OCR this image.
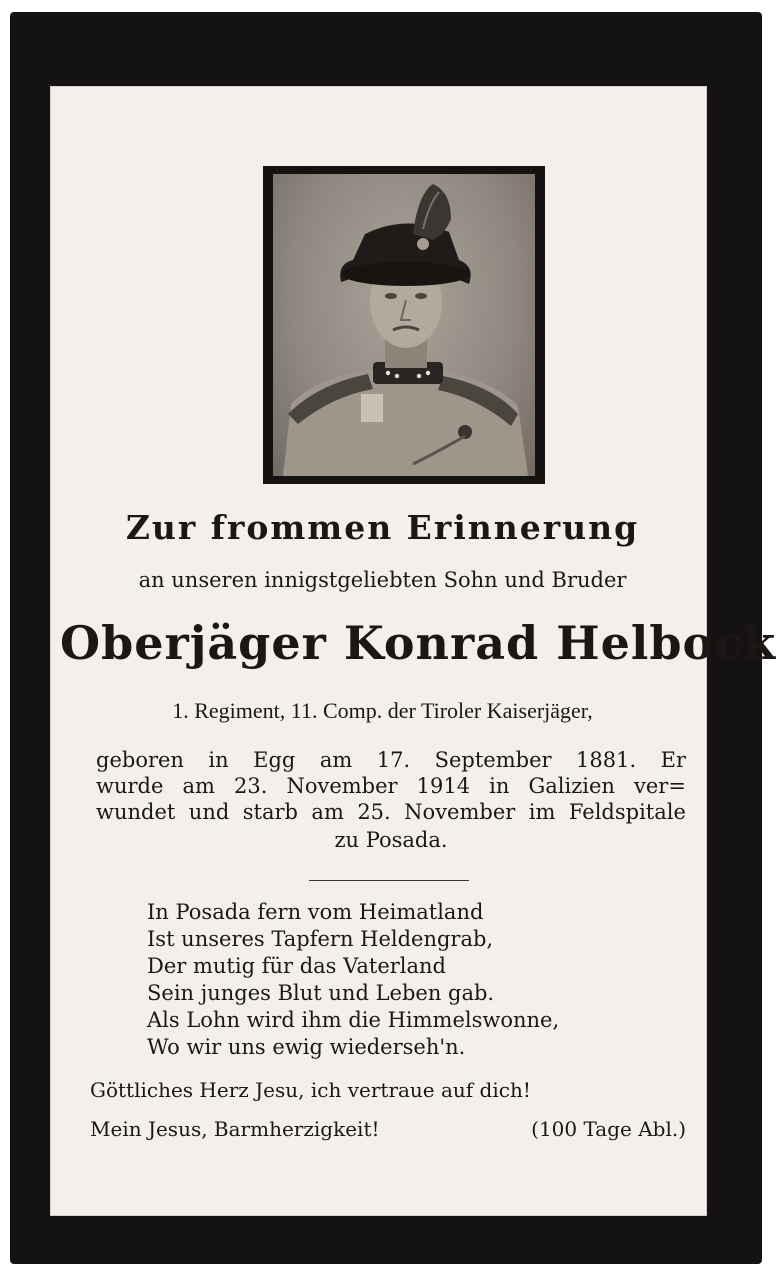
Zur frommen Erinnerung
an unseren innigstgeliebten Sohn und Bruder
Oberjäger Konrad Helbock
1. Regiment, 11. Comp. der Tiroler Kaiserjäger,
geboren in Egg am 17. September 1881. Er
wurde am 23. November 1914 in Galizien ver=
wundet und starb am 25. November im Feldspitale
zu Posada.
In Posada fern vom Heimatland
Ist unseres Tapfern Heldengrab,
Der mutig für das Vaterland
Sein junges Blut und Leben gab.
Als Lohn wird ihm die Himmelswonne,
Wo wir uns ewig wiederseh'n.
Göttliches Herz Jesu, ich vertraue auf dich!
Mein Jesus, Barmherzigkeit!	(100 Tage Abl.)
